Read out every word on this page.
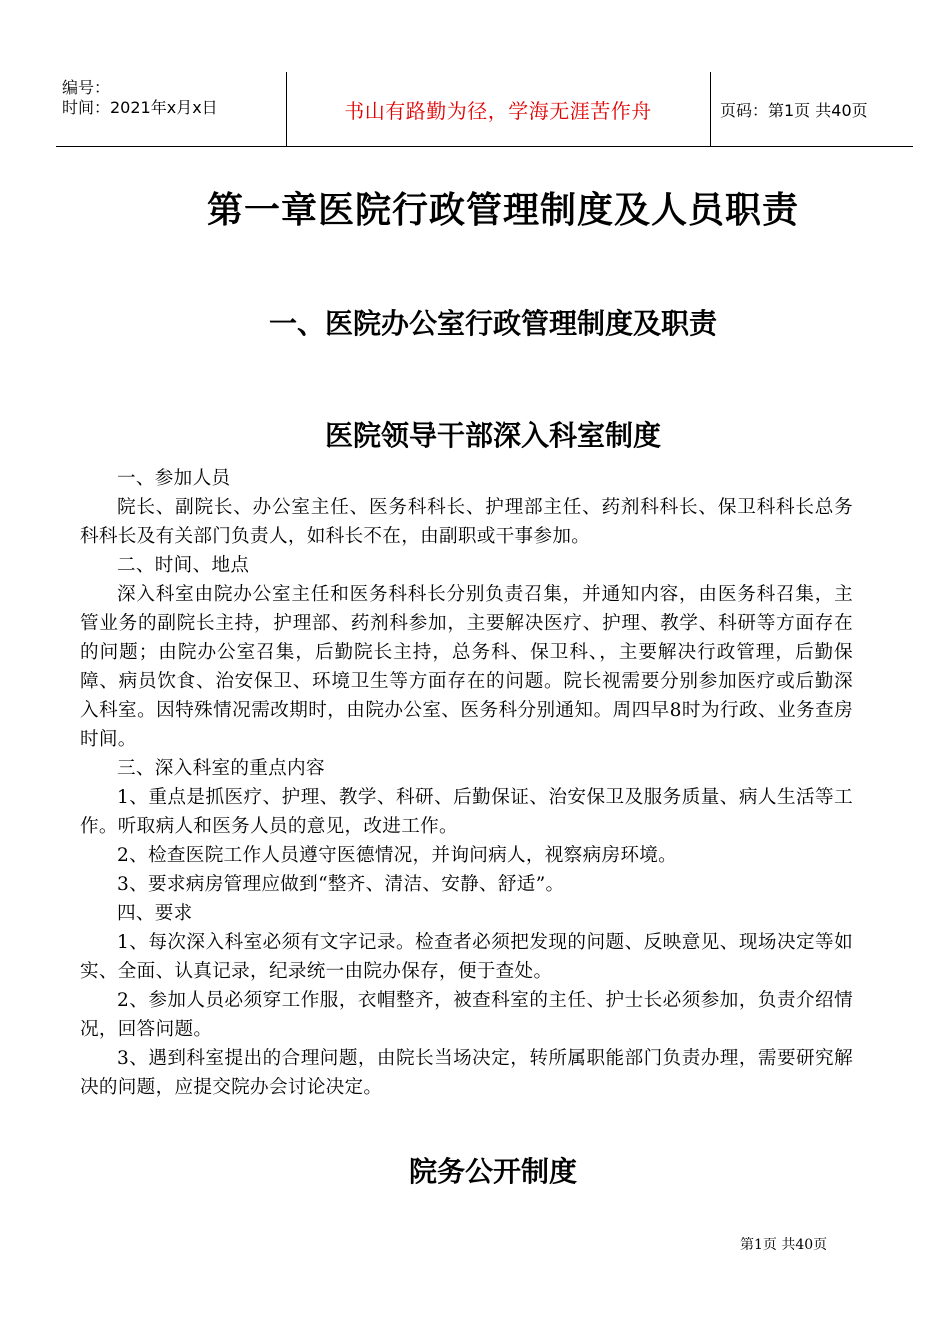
编号：
时间：2021年x月x日	书山有路勤为径，学海无涯苦作舟	页码：第1页 共40页
第一章医院行政管理制度及人员职责
一、医院办公室行政管理制度及职责
医院领导干部深入科室制度

一、参加人员

院长、副院长、办公室主任、医务科科长、护理部主任、药剂科科长、保卫科科长总务科科长及有关部门负责人，如科长不在，由副职或干事参加。

二、时间、地点

深入科室由院办公室主任和医务科科长分别负责召集，并通知内容，由医务科召集，主管业务的副院长主持，护理部、药剂科参加，主要解决医疗、护理、教学、科研等方面存在的问题；由院办公室召集，后勤院长主持，总务科、保卫科、，主要解决行政管理，后勤保障、病员饮食、治安保卫、环境卫生等方面存在的问题。院长视需要分别参加医疗或后勤深入科室。因特殊情况需改期时，由院办公室、医务科分别通知。周四早8时为行政、业务查房时间。

三、深入科室的重点内容

1、重点是抓医疗、护理、教学、科研、后勤保证、治安保卫及服务质量、病人生活等工作。听取病人和医务人员的意见，改进工作。

2、检查医院工作人员遵守医德情况，并询问病人，视察病房环境。

3、要求病房管理应做到“整齐、清洁、安静、舒适”。

四、要求

1、每次深入科室必须有文字记录。检查者必须把发现的问题、反映意见、现场决定等如实、全面、认真记录，纪录统一由院办保存，便于查处。

2、参加人员必须穿工作服，衣帽整齐，被查科室的主任、护士长必须参加，负责介绍情况，回答问题。

3、遇到科室提出的合理问题，由院长当场决定，转所属职能部门负责办理，需要研究解决的问题，应提交院办会讨论决定。

院务公开制度
第1页 共40页
